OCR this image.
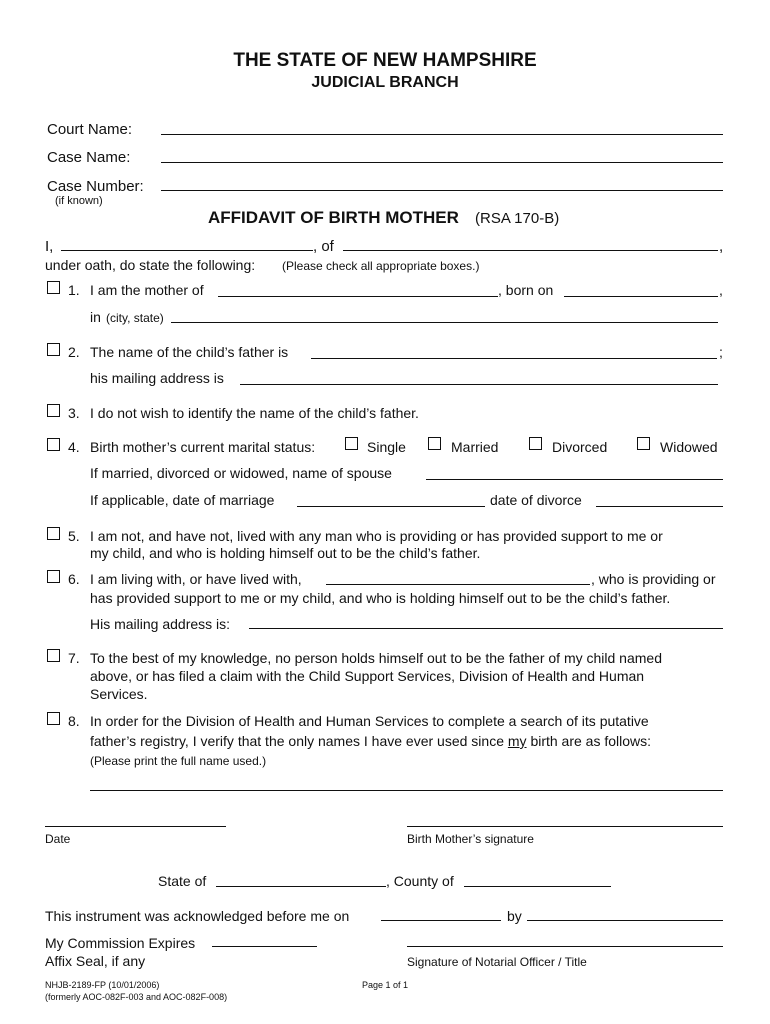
THE STATE OF NEW HAMPSHIRE
JUDICIAL BRANCH
Court Name:
Case Name:
Case Number:
(if known)
AFFIDAVIT OF BIRTH MOTHER (RSA 170-B)
I,	, of	,
under oath, do state the following: (Please check all appropriate boxes.)
1. I am the mother of	, born on	,
in (city, state)
2. The name of the child’s father is	;
his mailing address is
3. I do not wish to identify the name of the child’s father.
4. Birth mother’s current marital status:	Single	Married	Divorced	Widowed
If married, divorced or widowed, name of spouse
If applicable, date of marriage	date of divorce
5. I am not, and have not, lived with any man who is providing or has provided support to me or
my child, and who is holding himself out to be the child’s father.
6. I am living with, or have lived with,	, who is providing or
has provided support to me or my child, and who is holding himself out to be the child’s father.
His mailing address is:
7. To the best of my knowledge, no person holds himself out to be the father of my child named
above, or has filed a claim with the Child Support Services, Division of Health and Human
Services.
8. In order for the Division of Health and Human Services to complete a search of its putative
father’s registry, I verify that the only names I have ever used since my birth are as follows:
(Please print the full name used.)
Date	Birth Mother’s signature
State of	, County of
This instrument was acknowledged before me on	by
My Commission Expires
Affix Seal, if any	Signature of Notarial Officer / Title
NHJB-2189-FP (10/01/2006)
(formerly AOC-082F-003 and AOC-082F-008)
Page 1 of 1
